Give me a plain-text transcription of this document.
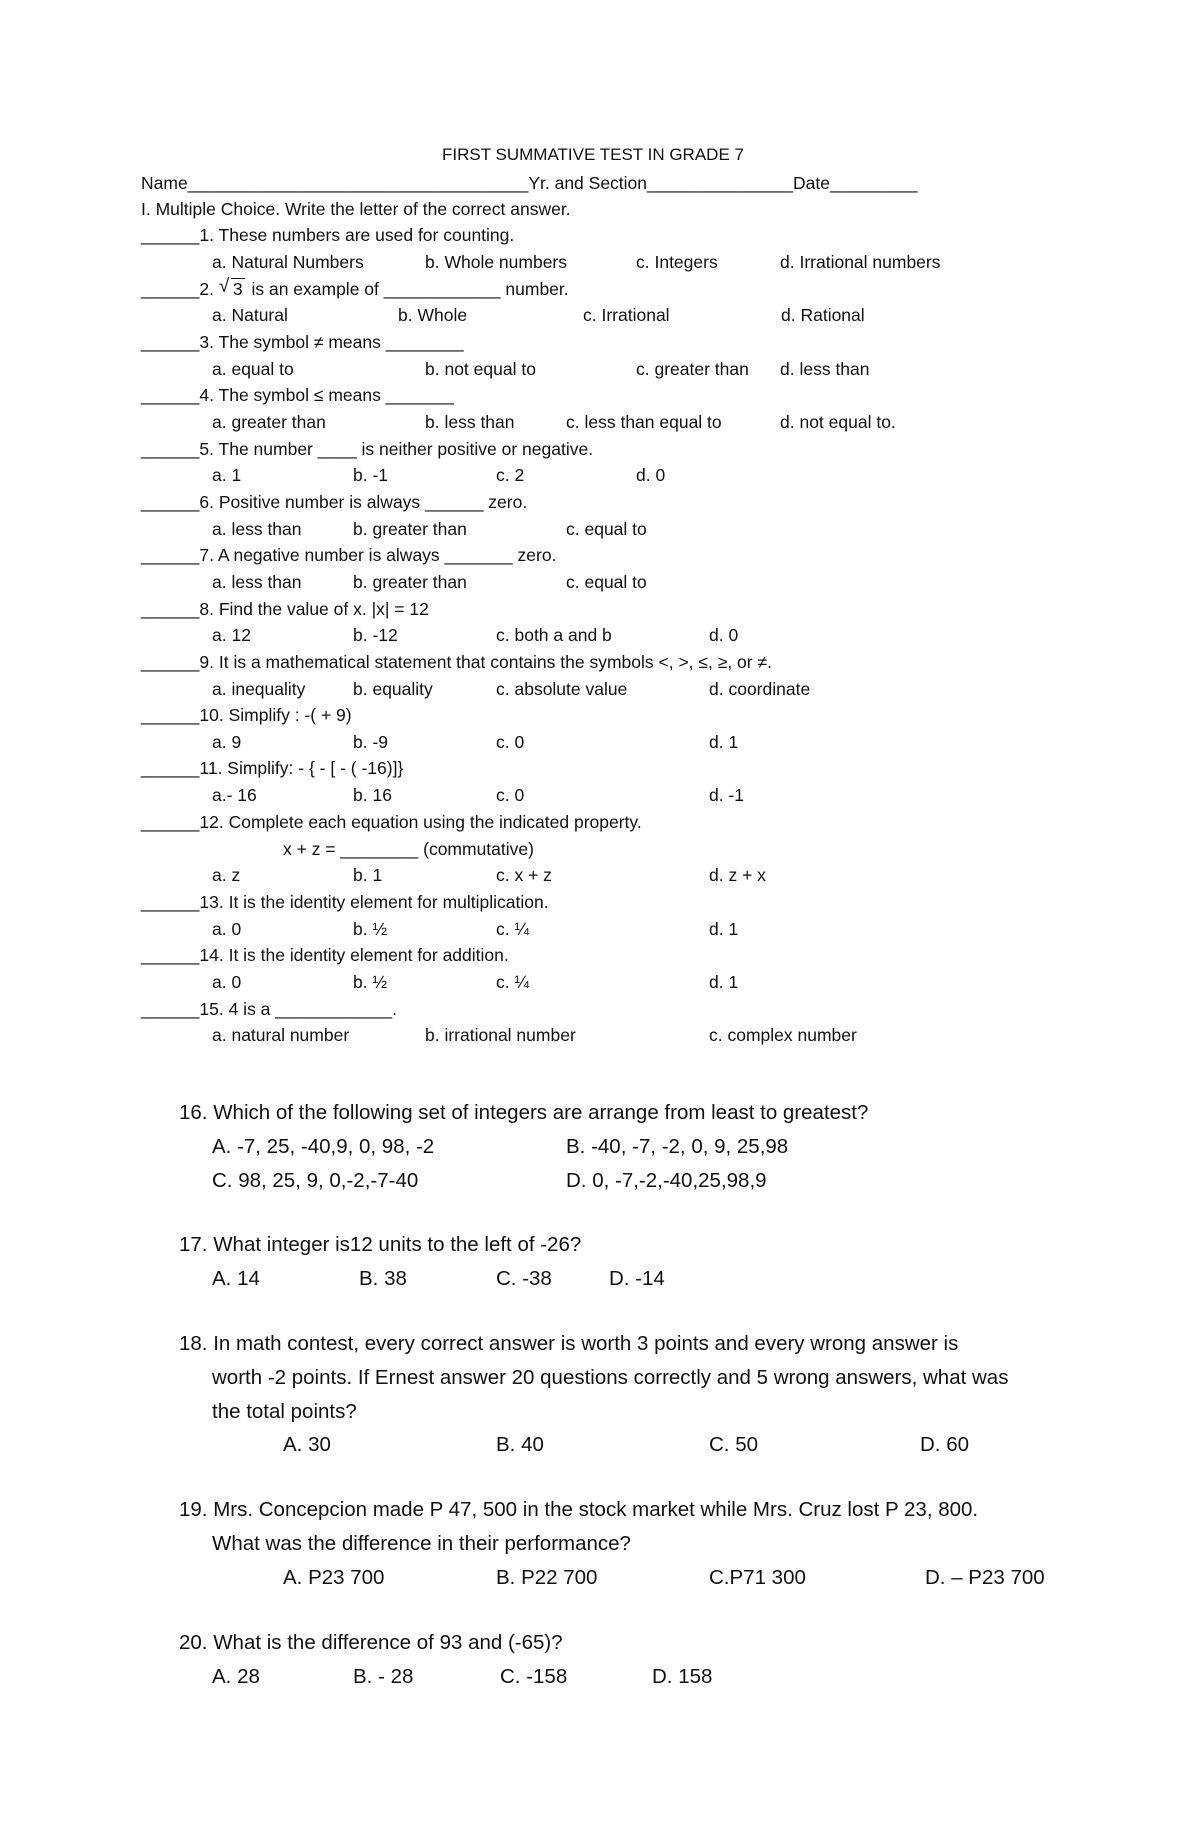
FIRST SUMMATIVE TEST IN GRADE 7
Name___________________________________Yr. and Section_______________Date_________
I. Multiple Choice. Write the letter of the correct answer.
______1. These numbers are used for counting.
a. Natural Numbers	b. Whole numbers	c. Integers	d. Irrational numbers
______2. √ 3 is an example of ____________ number.
a. Natural	b. Whole	c. Irrational	d. Rational
______3. The symbol ≠ means ________
a. equal to	b. not equal to	c. greater than d. less than
______4. The symbol ≤ means _______
a. greater than	b. less than	c. less than equal to	d. not equal to.
______5. The number ____ is neither positive or negative.
a. 1	b. -1	c. 2	d. 0
______6. Positive number is always ______ zero.
a. less than	b. greater than	c. equal to
______7. A negative number is always _______ zero.
a. less than	b. greater than	c. equal to
______8. Find the value of x. |x| = 12
a. 12	b. -12	c. both a and b	d. 0
______9. It is a mathematical statement that contains the symbols <, >, ≤, ≥, or ≠.
a. inequality	b. equality	c. absolute value	d. coordinate
______10. Simplify : -( + 9)
a. 9	b. -9	c. 0	d. 1
______11. Simplify: - { - [ - ( -16)]}
a.- 16	b. 16	c. 0	d. -1
______12. Complete each equation using the indicated property.
x + z = ________ (commutative)
a. z	b. 1	c. x + z	d. z + x
______13. It is the identity element for multiplication.
a. 0	b. ½	c. ¼	d. 1
______14. It is the identity element for addition.
a. 0	b. ½	c. ¼	d. 1
______15. 4 is a ____________.
a. natural number	b. irrational number	c. complex number
16. Which of the following set of integers are arrange from least to greatest?
A. -7, 25, -40,9, 0, 98, -2	B. -40, -7, -2, 0, 9, 25,98
C. 98, 25, 9, 0,-2,-7-40	D. 0, -7,-2,-40,25,98,9
17. What integer is12 units to the left of -26?
A. 14	B. 38	C. -38	D. -14
18. In math contest, every correct answer is worth 3 points and every wrong answer is
worth -2 points. If Ernest answer 20 questions correctly and 5 wrong answers, what was
the total points?
A. 30	B. 40	C. 50	D. 60
19. Mrs. Concepcion made P 47, 500 in the stock market while Mrs. Cruz lost P 23, 800.
What was the difference in their performance?
A. P23 700	B. P22 700	C.P71 300	D. – P23 700
20. What is the difference of 93 and (-65)?
A. 28	B. - 28	C. -158	D. 158
